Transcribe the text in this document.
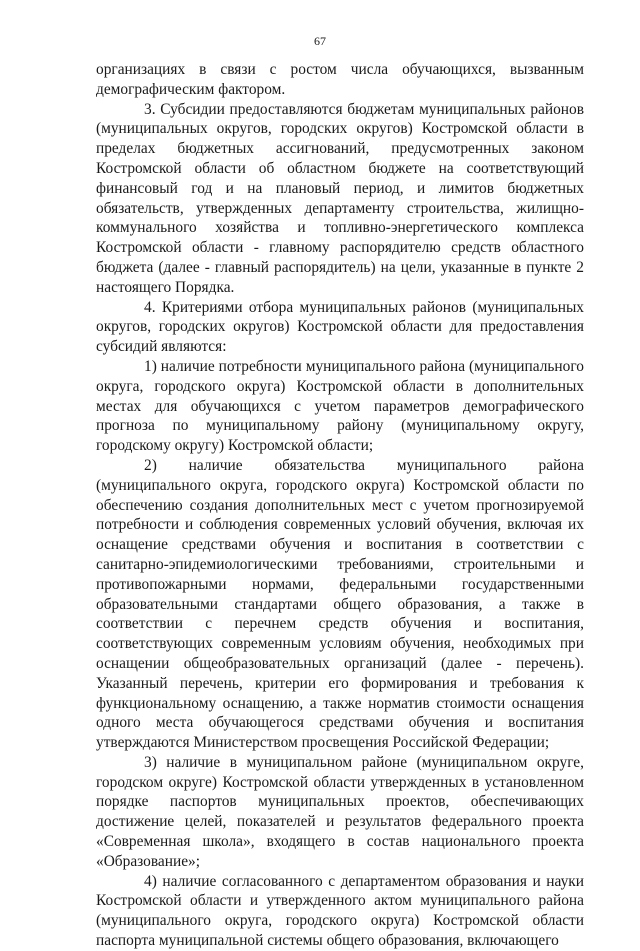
67

организациях в связи с ростом числа обучающихся, вызванным демографическим фактором.

3. Субсидии предоставляются бюджетам муниципальных районов (муниципальных округов, городских округов) Костромской области в пределах бюджетных ассигнований, предусмотренных законом Костромской области об областном бюджете на соответствующий финансовый год и на плановый период, и лимитов бюджетных обязательств, утвержденных департаменту строительства, жилищно-коммунального хозяйства и топливно-энергетического комплекса Костромской области - главному распорядителю средств областного бюджета (далее - главный распорядитель) на цели, указанные в пункте 2 настоящего Порядка.

4. Критериями отбора муниципальных районов (муниципальных округов, городских округов) Костромской области для предоставления субсидий являются:

1) наличие потребности муниципального района (муниципального округа, городского округа) Костромской области в дополнительных местах для обучающихся с учетом параметров демографического прогноза по муниципальному району (муниципальному округу, городскому округу) Костромской области;

2) наличие обязательства муниципального района (муниципального округа, городского округа) Костромской области по обеспечению создания дополнительных мест с учетом прогнозируемой потребности и соблюдения современных условий обучения, включая их оснащение средствами обучения и воспитания в соответствии с санитарно-эпидемиологическими требованиями, строительными и противопожарными нормами, федеральными государственными образовательными стандартами общего образования, а также в соответствии с перечнем средств обучения и воспитания, соответствующих современным условиям обучения, необходимых при оснащении общеобразовательных организаций (далее - перечень). Указанный перечень, критерии его формирования и требования к функциональному оснащению, а также норматив стоимости оснащения одного места обучающегося средствами обучения и воспитания утверждаются Министерством просвещения Российской Федерации;

3) наличие в муниципальном районе (муниципальном округе, городском округе) Костромской области утвержденных в установленном порядке паспортов муниципальных проектов, обеспечивающих достижение целей, показателей и результатов федерального проекта «Современная школа», входящего в состав национального проекта «Образование»;

4) наличие согласованного с департаментом образования и науки Костромской области и утвержденного актом муниципального района (муниципального округа, городского округа) Костромской области паспорта муниципальной системы общего образования, включающего
